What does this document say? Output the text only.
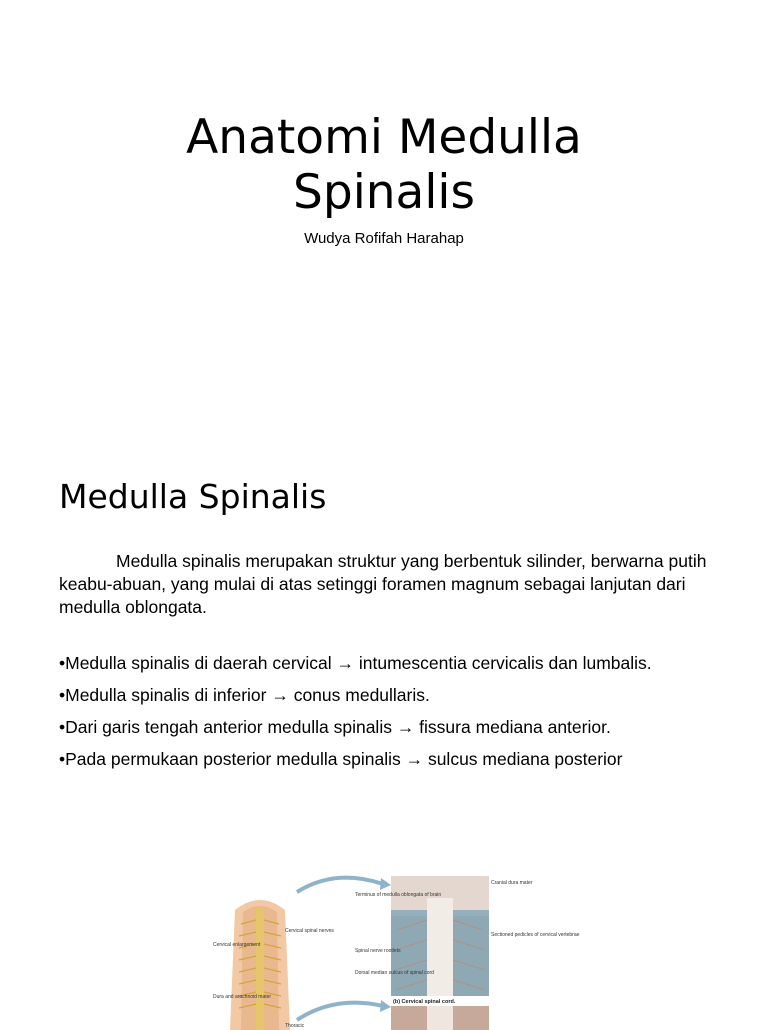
Anatomi Medulla
Spinalis

Wudya Rofifah Harahap

Medulla Spinalis

Medulla spinalis merupakan struktur yang berbentuk silinder, berwarna putih keabu-abuan, yang mulai di atas setinggi foramen magnum sebagai lanjutan dari medulla oblongata.

•Medulla spinalis di daerah cervical → intumescentia cervicalis dan lumbalis.
•Medulla spinalis di inferior → conus medullaris.
•Dari garis tengah anterior medulla spinalis → fissura mediana anterior.
•Pada permukaan posterior medulla spinalis → sulcus mediana posterior
Cervical spinal nerves
Cervical enlargement
Dura and arachnoid mater
Thoracic
Terminus of medulla oblongata of brain
Spinal nerve rootlets
Dorsal median sulcus of spinal cord
Cranial dura mater
Sectioned pedicles of cervical vertebrae
(b) Cervical spinal cord.
